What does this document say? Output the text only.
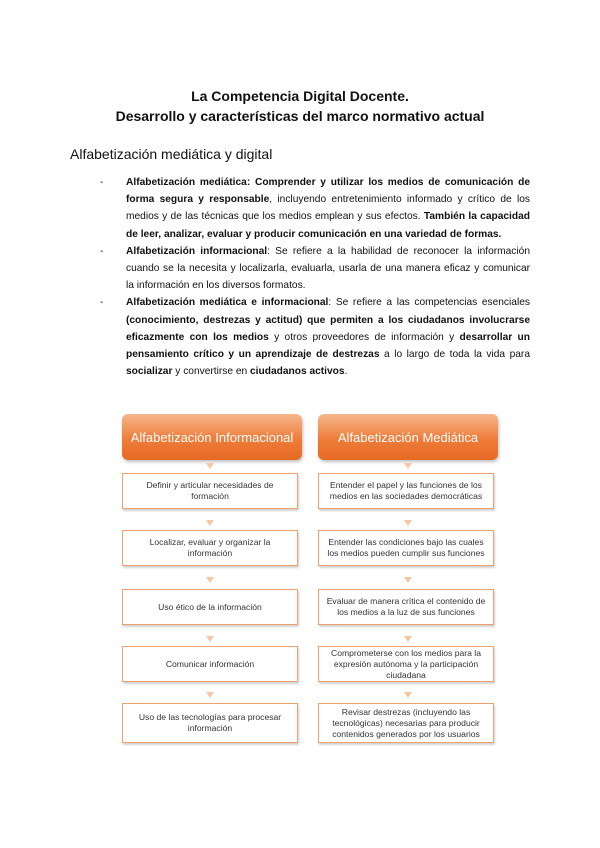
La Competencia Digital Docente.
Desarrollo y características del marco normativo actual
Alfabetización mediática y digital
- Alfabetización mediática: Comprender y utilizar los medios de comunicación de forma segura y responsable, incluyendo entretenimiento informado y crítico de los medios y de las técnicas que los medios emplean y sus efectos. También la capacidad de leer, analizar, evaluar y producir comunicación en una variedad de formas.
- Alfabetización informacional: Se refiere a la habilidad de reconocer la información cuando se la necesita y localizarla, evaluarla, usarla de una manera eficaz y comunicar la información en los diversos formatos.
- Alfabetización mediática e informacional: Se refiere a las competencias esenciales (conocimiento, destrezas y actitud) que permiten a los ciudadanos involucrarse eficazmente con los medios y otros proveedores de información y desarrollar un pensamiento crítico y un aprendizaje de destrezas a lo largo de toda la vida para socializar y convertirse en ciudadanos activos.
Alfabetización Informacional	Alfabetización Mediática
Definir y articular necesidades de formación
Entender el papel y las funciones de los medios en las sociedades democráticas
Localizar, evaluar y organizar la información
Entender las condiciones bajo las cuales los medios pueden cumplir sus funciones
Uso ético de la información
Evaluar de manera crítica el contenido de los medios a la luz de sus funciones
Comunicar información
Comprometerse con los medios para la expresión autónoma y la participación ciudadana
Uso de las tecnologías para procesar información
Revisar destrezas (incluyendo las tecnológicas) necesarias para producir contenidos generados por los usuarios
